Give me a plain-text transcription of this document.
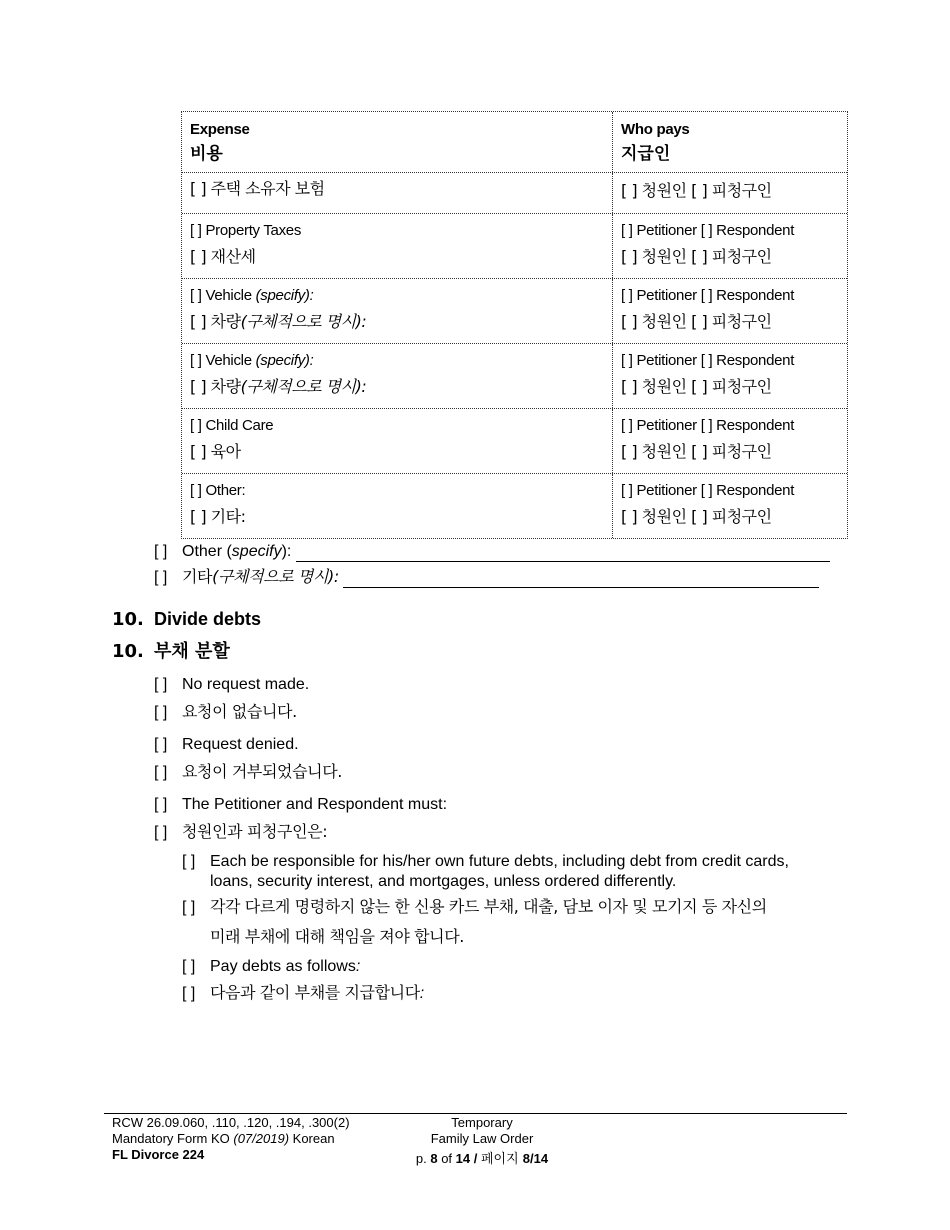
Expense
비용
Who pays
지급인
[ ] 주택 소유자 보험	[ ] 청원인 [ ] 피청구인
[ ] Property Taxes
[ ] 재산세
[ ] Petitioner [ ] Respondent
[ ] 청원인 [ ] 피청구인
[ ] Vehicle (specify):
[ ] 차량(구체적으로 명시):
[ ] Petitioner [ ] Respondent
[ ] 청원인 [ ] 피청구인
[ ] Vehicle (specify):
[ ] 차량(구체적으로 명시):
[ ] Petitioner [ ] Respondent
[ ] 청원인 [ ] 피청구인
[ ] Child Care
[ ] 육아
[ ] Petitioner [ ] Respondent
[ ] 청원인 [ ] 피청구인
[ ] Other:
[ ] 기타:
[ ] Petitioner [ ] Respondent
[ ] 청원인 [ ] 피청구인
[ ] Other (specify):
[ ] 기타(구체적으로 명시):
10. Divide debts
10. 부채 분할
[ ] No request made.
[ ] 요청이 없습니다.
[ ] Request denied.
[ ] 요청이 거부되었습니다.
[ ] The Petitioner and Respondent must:
[ ] 청원인과 피청구인은:
[ ] Each be responsible for his/her own future debts, including debt from credit cards,
loans, security interest, and mortgages, unless ordered differently.
[ ] 각각 다르게 명령하지 않는 한 신용 카드 부채, 대출, 담보 이자 및 모기지 등 자신의
미래 부채에 대해 책임을 져야 합니다.
[ ] Pay debts as follows:
[ ] 다음과 같이 부채를 지급합니다:
RCW 26.09.060, .110, .120, .194, .300(2)
Mandatory Form KO (07/2019) Korean
FL Divorce 224
Temporary
Family Law Order
p. 8 of 14 / 페이지 8/14
